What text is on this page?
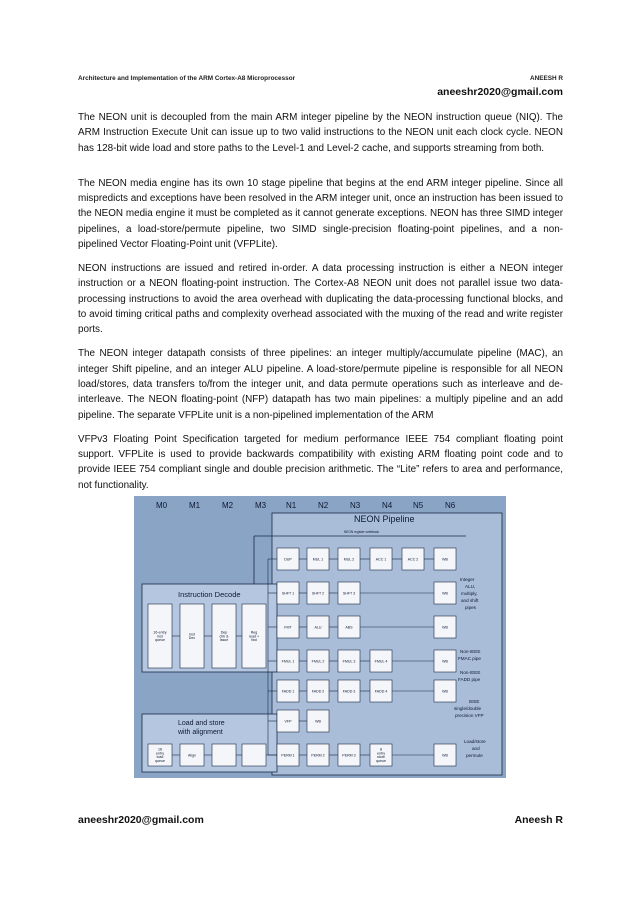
Architecture and Implementation of the ARM Cortex-A8 Microprocessor	ANEESH R
aneeshr2020@gmail.com

The NEON unit is decoupled from the main ARM integer pipeline by the NEON instruction queue (NIQ). The ARM Instruction Execute Unit can issue up to two valid instructions to the NEON unit each clock cycle. NEON has 128-bit wide load and store paths to the Level-1 and Level-2 cache, and supports streaming from both.

The NEON media engine has its own 10 stage pipeline that begins at the end ARM integer pipeline. Since all mispredicts and exceptions have been resolved in the ARM integer unit, once an instruction has been issued to the NEON media engine it must be completed as it cannot generate exceptions. NEON has three SIMD integer pipelines, a load-store/permute pipeline, two SIMD single-precision floating-point pipelines, and a non-pipelined Vector Floating-Point unit (VFPLite).

NEON instructions are issued and retired in-order. A data processing instruction is either a NEON integer instruction or a NEON floating-point instruction. The Cortex-A8 NEON unit does not parallel issue two data-processing instructions to avoid the area overhead with duplicating the data-processing functional blocks, and to avoid timing critical paths and complexity overhead associated with the muxing of the read and write register ports.

The NEON integer datapath consists of three pipelines: an integer multiply/accumulate pipeline (MAC), an integer Shift pipeline, and an integer ALU pipeline. A load-store/permute pipeline is responsible for all NEON load/stores, data transfers to/from the integer unit, and data permute operations such as interleave and de-interleave. The NEON floating-point (NFP) datapath has two main pipelines: a multiply pipeline and an add pipeline. The separate VFPLite unit is a non-pipelined implementation of the ARM

VFPv3 Floating Point Specification targeted for medium performance IEEE 754 compliant floating point support. VFPLite is used to provide backwards compatibility with existing ARM floating point code and to provide IEEE 754 compliant single and double precision arithmetic. The “Lite” refers to area and performance, not functionality.

M0	M1	M2	M3 N1	N2	N3	N4	N5	N6
NEON Pipeline
NEON register writeback
Instruction Decode
Load and store
with alignment
16-entry
inst
queue
Inst
Dec
Dep
chk &
Issue
Reg
read +
fwd
16
entry
load
queue
Align
DUP	MUL 1	MUL 2	ACC 1	ACC 2	WB
SHFT 1	SHFT 2	SHFT 3	WB
FMT	ALU	ABS	WB
FMUL 1	FMUL 2	FMUL 3	FMUL 4	WB
FADD 1	FADD 2	FADD 3	FADD 4	WB
VFP	WB
PERM 1	PERM 2	PERM 3
8
entry
store
queue
WB
Integer
ALU,
multiply,
and shift
pipes
Non-IEEE
FMAC pipe
Non-IEEE
FADD pipe
IEEE
single/double
precision VFP
Load/store
and
permute
aneeshr2020@gmail.com	Aneesh R
